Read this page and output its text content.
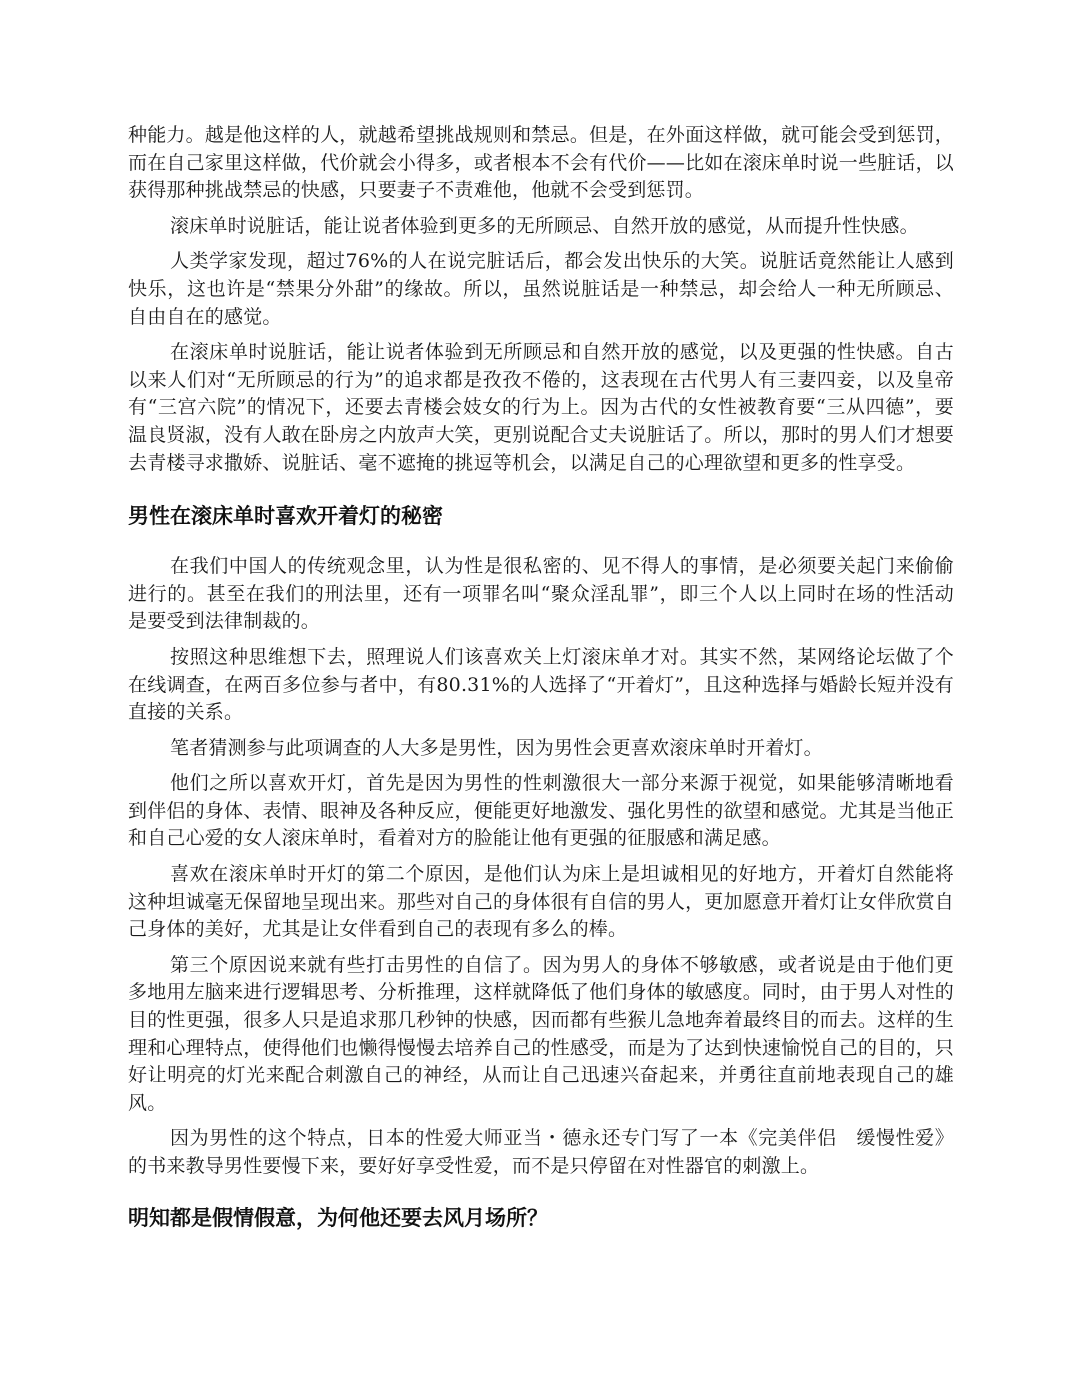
种能力。越是他这样的人，就越希望挑战规则和禁忌。但是，在外面这样做，就可能会受到惩罚，而在自己家里这样做，代价就会小得多，或者根本不会有代价——比如在滚床单时说一些脏话，以获得那种挑战禁忌的快感，只要妻子不责难他，他就不会受到惩罚。

滚床单时说脏话，能让说者体验到更多的无所顾忌、自然开放的感觉，从而提升性快感。

人类学家发现，超过76%的人在说完脏话后，都会发出快乐的大笑。说脏话竟然能让人感到快乐，这也许是“禁果分外甜”的缘故。所以，虽然说脏话是一种禁忌，却会给人一种无所顾忌、自由自在的感觉。

在滚床单时说脏话，能让说者体验到无所顾忌和自然开放的感觉，以及更强的性快感。自古以来人们对“无所顾忌的行为”的追求都是孜孜不倦的，这表现在古代男人有三妻四妾，以及皇帝有“三宫六院”的情况下，还要去青楼会妓女的行为上。因为古代的女性被教育要“三从四德”，要温良贤淑，没有人敢在卧房之内放声大笑，更别说配合丈夫说脏话了。所以，那时的男人们才想要去青楼寻求撒娇、说脏话、毫不遮掩的挑逗等机会，以满足自己的心理欲望和更多的性享受。

男性在滚床单时喜欢开着灯的秘密

在我们中国人的传统观念里，认为性是很私密的、见不得人的事情，是必须要关起门来偷偷进行的。甚至在我们的刑法里，还有一项罪名叫“聚众淫乱罪”，即三个人以上同时在场的性活动是要受到法律制裁的。

按照这种思维想下去，照理说人们该喜欢关上灯滚床单才对。其实不然，某网络论坛做了个在线调查，在两百多位参与者中，有80.31%的人选择了“开着灯”，且这种选择与婚龄长短并没有直接的关系。

笔者猜测参与此项调查的人大多是男性，因为男性会更喜欢滚床单时开着灯。

他们之所以喜欢开灯，首先是因为男性的性刺激很大一部分来源于视觉，如果能够清晰地看到伴侣的身体、表情、眼神及各种反应，便能更好地激发、强化男性的欲望和感觉。尤其是当他正和自己心爱的女人滚床单时，看着对方的脸能让他有更强的征服感和满足感。

喜欢在滚床单时开灯的第二个原因，是他们认为床上是坦诚相见的好地方，开着灯自然能将这种坦诚毫无保留地呈现出来。那些对自己的身体很有自信的男人，更加愿意开着灯让女伴欣赏自己身体的美好，尤其是让女伴看到自己的表现有多么的棒。

第三个原因说来就有些打击男性的自信了。因为男人的身体不够敏感，或者说是由于他们更多地用左脑来进行逻辑思考、分析推理，这样就降低了他们身体的敏感度。同时，由于男人对性的目的性更强，很多人只是追求那几秒钟的快感，因而都有些猴儿急地奔着最终目的而去。这样的生理和心理特点，使得他们也懒得慢慢去培养自己的性感受，而是为了达到快速愉悦自己的目的，只好让明亮的灯光来配合刺激自己的神经，从而让自己迅速兴奋起来，并勇往直前地表现自己的雄风。

因为男性的这个特点，日本的性爱大师亚当・德永还专门写了一本《完美伴侣　缓慢性爱》的书来教导男性要慢下来，要好好享受性爱，而不是只停留在对性器官的刺激上。

明知都是假情假意，为何他还要去风月场所？
